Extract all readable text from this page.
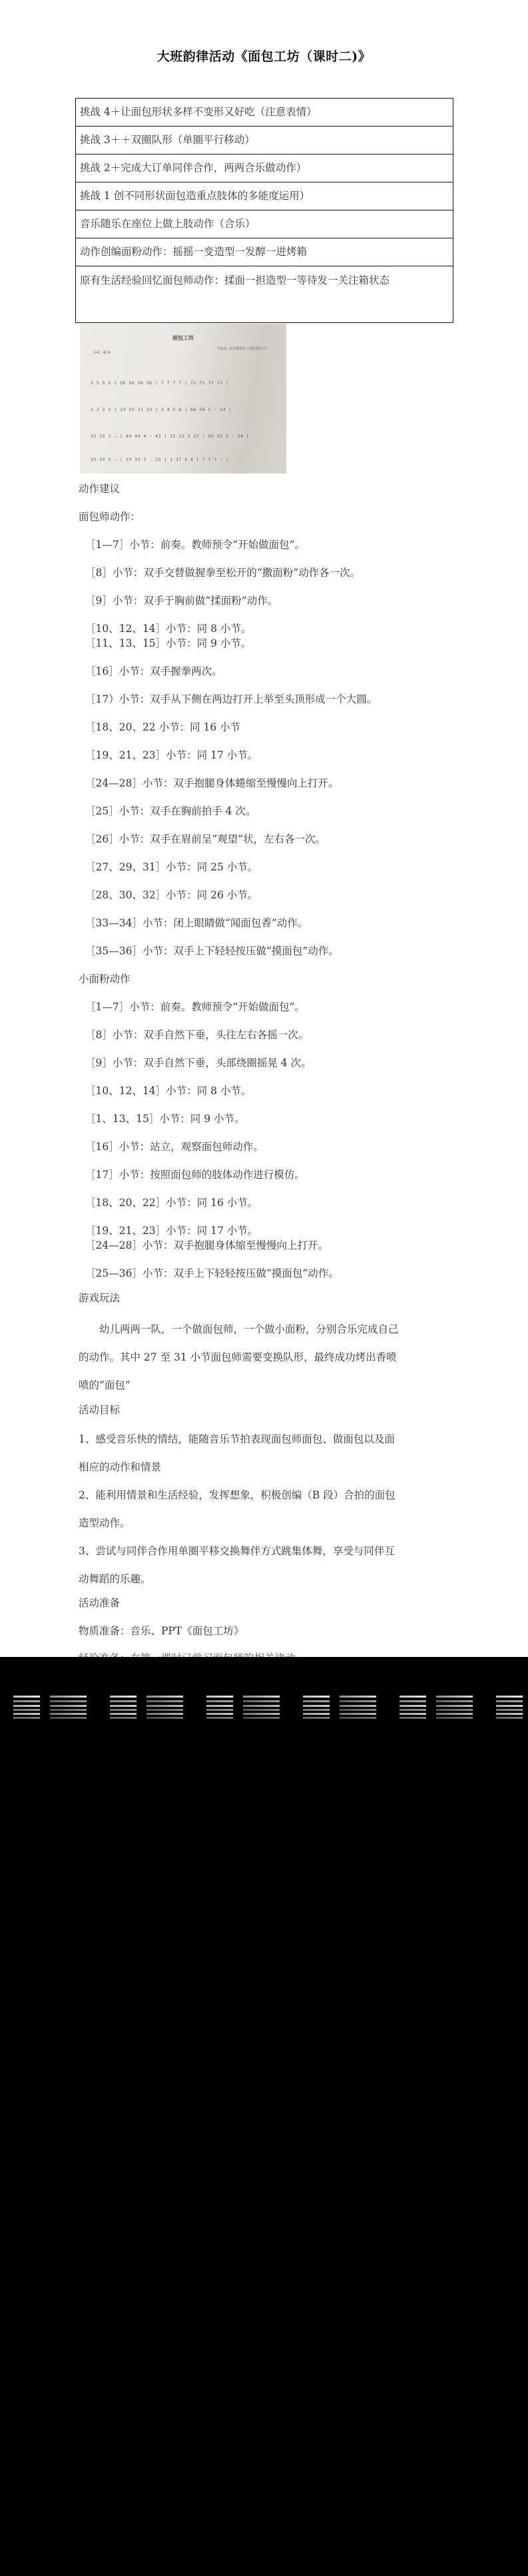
大班韵律活动《面包工坊（课时二)》
挑战 4＋让面包形状多样不变形又好吃（注意表情）
挑战 3＋＋双圈队形（单圈平行移动）
挑战 2＋完成大订单同伴合作，两两合乐做动作）
挑战 1 创不同形状面包造重点肢体的多能度运用）
音乐随乐在座位上做上肢动作（合乐）
动作创编面粉动作：摇摇一变造型一发醇一进烤箱
原有生活经验回忆面包师动作：揉面一担造型一等待发一关注箱状态
面包工坊
节选自 瓦尔德查尔《邻居波尔卡》
1=C 4/4
5 5 5 5 | 56 56 56 56 | 7 7 7 7 | 71 71 71 71 |
2 2 2 2 | 23 23 23 23 | 3 4 5 6 | 66 56 5 · 54 |
33 33 3 — | 44 44 4 · 43 | 22 22 2 17 | 55 55 5 · 54 |
33 33 3 — | 33 33 3 · 22 | 1 17 1 4 | 7 7 7 — |
动作建议
面包师动作：
［1—7］小节：前奏。教师预令“开始做面包”。
［8］小节：双手交替做握拳至松开的“撒面粉”动作各一次。
［9］小节：双手于胸前做“揉面粉”动作。
［10、12、14］小节：同 8 小节。
［11、13、15］小节：同 9 小节。
［16］小节：双手握拳两次。
［17）小节：双手从下侧在两边打开上举至头顶形成一个大圆。
［18、20、22 小节：同 16 小节
［19、21、23］小节：同 17 小节。
［24—28］小节：双手抱腿身体蜷缩至慢慢向上打开。
［25］小节：双手在胸前拍手 4 次。
［26］小节：双手在眉前呈“观望”状，左右各一次。
［27、29、31］小节：同 25 小节。
［28、30、32］小节：同 26 小节。
［33—34］小节：闭上眼睛做“闻面包香”动作。
［35—36］小节：双手上下轻轻按压做“摸面包”动作。
小面粉动作
［1—7］小节：前奏。教师预令“开始做面包”。
［8］小节：双手自然下垂，头往左右各摇一次。
［9］小节：双手自然下垂，头部绕圈摇晃 4 次。
［10、12、14］小节：同 8 小节。
［1、13、15］小节：同 9 小节。
［16］小节：站立，观察面包师动作。
［17］小节：按照面包师的肢体动作进行模仿。
［18、20、22］小节：同 16 小节。
［19、21、23］小节：同 17 小节。
［24—28］小节：双手抱腿身体缩至慢慢向上打开。
［25—36］小节：双手上下轻轻按压做“摸面包”动作。
游戏玩法
幼儿两两一队，一个做面包师，一个做小面粉，分别合乐完成自己的动作。其中 27 至 31 小节面包师需要变换队形，最终成功烤出香喷喷的”面包”
活动目标
1、感受音乐快的情结，能随音乐节拍表现面包师面包、做面包以及面相应的动作和情景
2、能利用情景和生活经验，发挥想象，积极创编（B 段）合拍的面包造型动作。
3、尝试与同伴合作用单圈平移交换舞伴方式跳集体舞，享受与同伴互动舞蹈的乐趣。
活动准备
物质准备：音乐、PPT《面包工坊》
